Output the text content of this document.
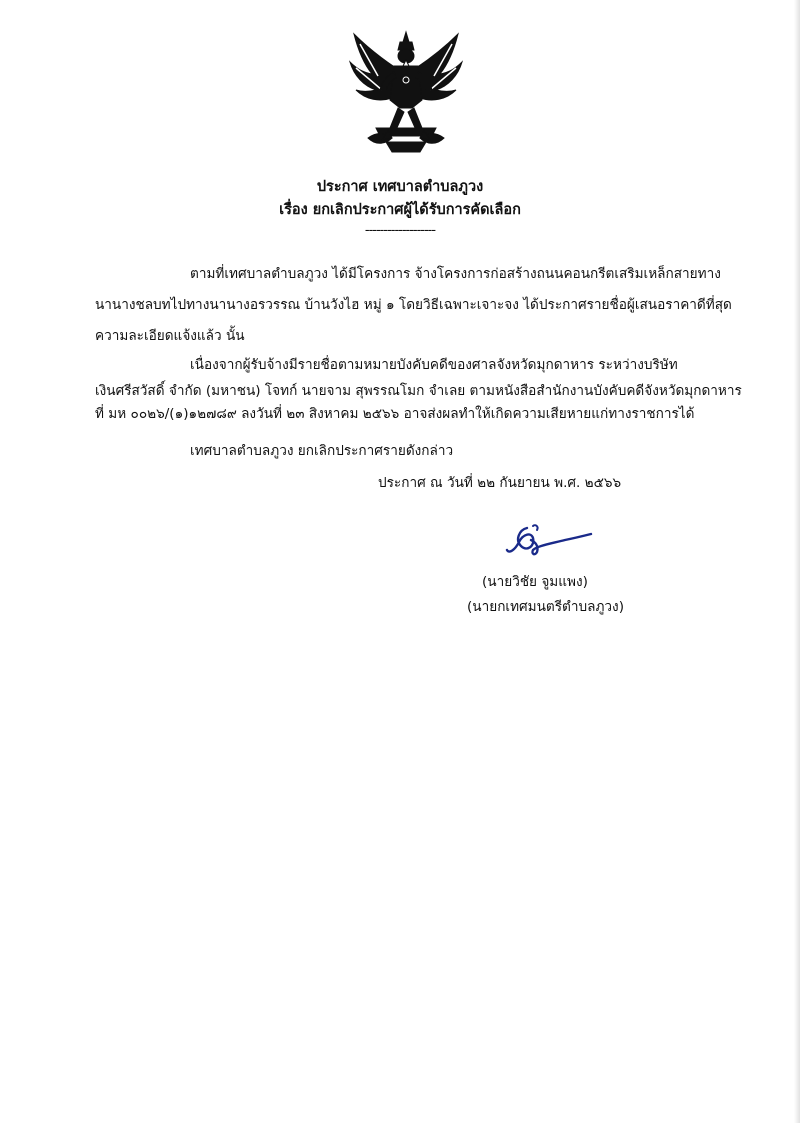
ประกาศ เทศบาลตำบลภูวง
เรื่อง ยกเลิกประกาศผู้ได้รับการคัดเลือก
-------------------
ตามที่เทศบาลตำบลภูวง ได้มีโครงการ จ้างโครงการก่อสร้างถนนคอนกรีตเสริมเหล็กสายทาง
นานางชลบทไปทางนานางอรวรรณ บ้านวังไฮ หมู่ ๑ โดยวิธีเฉพาะเจาะจง ได้ประกาศรายชื่อผู้เสนอราคาดีที่สุด
ความละเอียดแจ้งแล้ว นั้น
เนื่องจากผู้รับจ้างมีรายชื่อตามหมายบังคับคดีของศาลจังหวัดมุกดาหาร ระหว่างบริษัท
เงินศรีสวัสดิ์ จำกัด (มหาชน) โจทก์ นายจาม สุพรรณโมก จำเลย ตามหนังสือสำนักงานบังคับคดีจังหวัดมุกดาหาร
ที่ มห ๐๐๒๖/(๑)๑๒๗๘๙ ลงวันที่ ๒๓ สิงหาคม ๒๕๖๖ อาจส่งผลทำให้เกิดความเสียหายแก่ทางราชการได้
เทศบาลตำบลภูวง ยกเลิกประกาศรายดังกล่าว
ประกาศ ณ วันที่ ๒๒ กันยายน พ.ศ. ๒๕๖๖
(นายวิชัย จูมแพง)
(นายกเทศมนตรีตำบลภูวง)
